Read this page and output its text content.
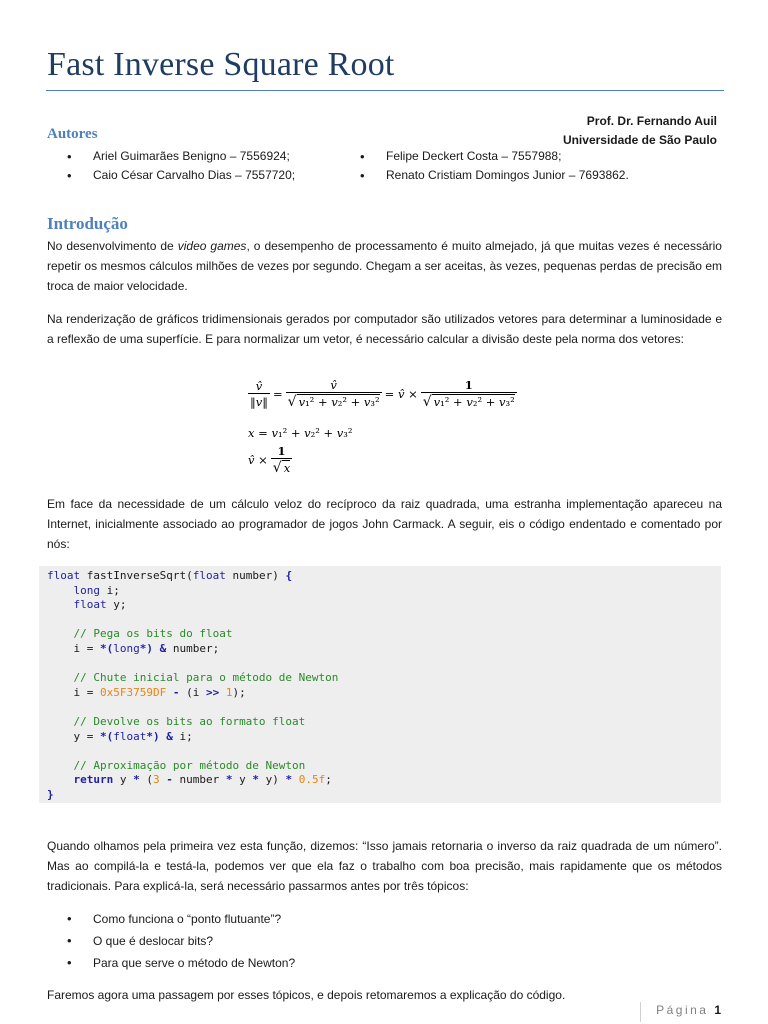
Fast Inverse Square Root
Prof. Dr. Fernando Auil
Universidade de São Paulo
Autores
• Ariel Guimarães Benigno – 7556924;
• Caio César Carvalho Dias – 7557720;
• Felipe Deckert Costa – 7557988;
• Renato Cristiam Domingos Junior – 7693862.
Introdução

No desenvolvimento de video games, o desempenho de processamento é muito almejado, já que muitas vezes é necessário repetir os mesmos cálculos milhões de vezes por segundo. Chegam a ser aceitas, às vezes, pequenas perdas de precisão em troca de maior velocidade.

Na renderização de gráficos tridimensionais gerados por computador são utilizados vetores para determinar a luminosidade e a reflexão de uma superfície. E para normalizar um vetor, é necessário calcular a divisão deste pela norma dos vetores:

$\frac{v̂}{‖v‖} = \frac{v̂}{\text{√ v₁² + v₂² + v₃²}}$ = v̂ × $\frac{1}{\text{√ v₁² + v₂² + v₃²}}$
x = v₁² + v₂² + v₃²
v̂ × $\frac{1}{√ x}$

Em face da necessidade de um cálculo veloz do recíproco da raiz quadrada, uma estranha implementação apareceu na Internet, inicialmente associado ao programador de jogos John Carmack. A seguir, eis o código endentado e comentado por nós:

float fastInverseSqrt(float number) {
long i;
float y;

// Pega os bits do float
i = *(long*) & number;

// Chute inicial para o método de Newton
i = 0x5F3759DF - (i >> 1);

// Devolve os bits ao formato float
y = *(float*) & i;

// Aproximação por método de Newton
return y * (3 - number * y * y) * 0.5f;
}

Quando olhamos pela primeira vez esta função, dizemos: “Isso jamais retornaria o inverso da raiz quadrada de um número”. Mas ao compilá-la e testá-la, podemos ver que ela faz o trabalho com boa precisão, mais rapidamente que os métodos tradicionais. Para explicá-la, será necessário passarmos antes por três tópicos:

• Como funciona o “ponto flutuante”?
• O que é deslocar bits?
• Para que serve o método de Newton?

Faremos agora uma passagem por esses tópicos, e depois retomaremos a explicação do código.

Página 1
